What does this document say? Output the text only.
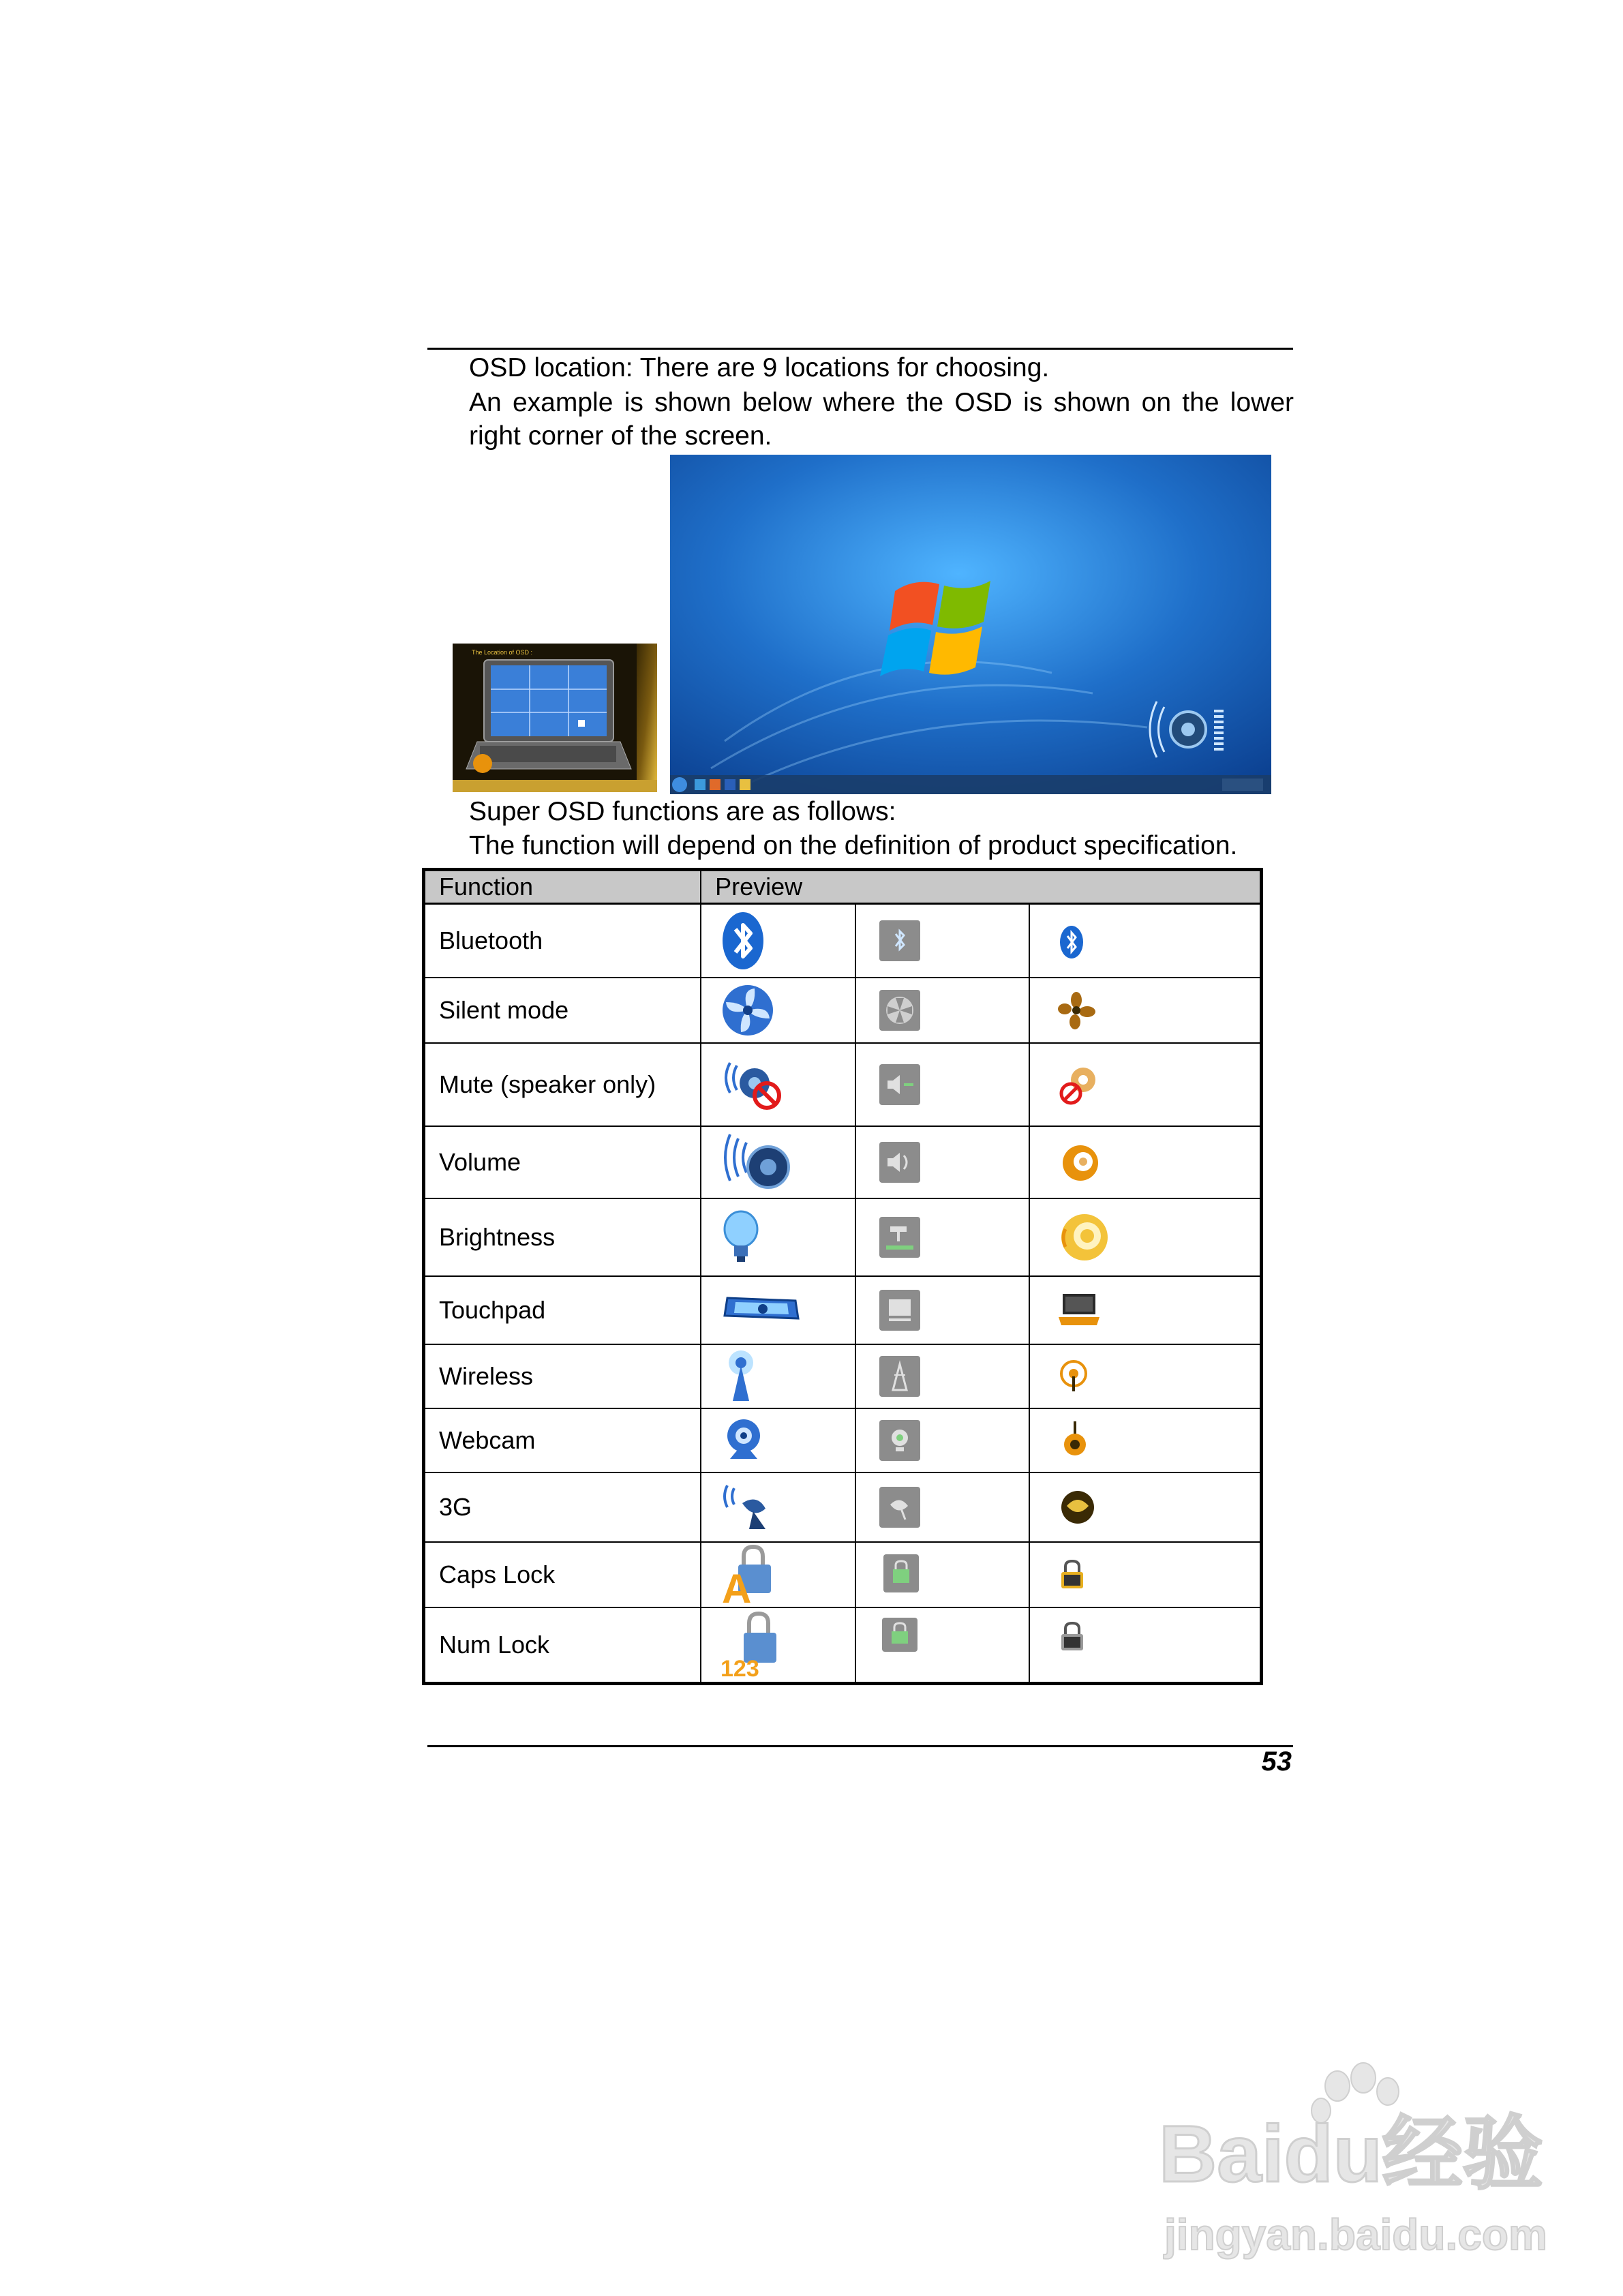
OSD location: There are 9 locations for choosing.

An example is shown below where the OSD is shown on the lower right corner of the screen.

The Location of OSD :

Super OSD functions are as follows:

The function will depend on the definition of product specification.

Function	Preview		
Bluetooth	

Silent mode	

Mute (speaker only)	

Volume	

Brightness	

Touchpad	

Wireless	

Webcam	

3G	

Caps Lock	A

Num Lock	123

53
Baidu经验
jingyan.baidu.com
